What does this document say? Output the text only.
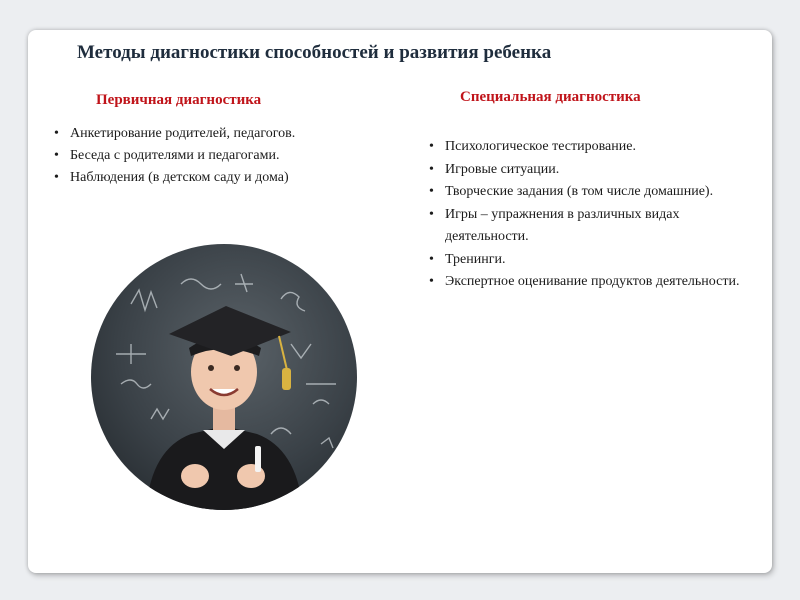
Методы диагностики способностей и развития ребенка
Первичная диагностика
• Анкетирование родителей, педагогов.
• Беседа с родителями и педагогами.
• Наблюдения (в детском саду и дома)
Специальная диагностика
• Психологическое тестирование.
• Игровые ситуации.
• Творческие задания (в том числе домашние).
• Игры – упражнения в различных видах деятельности.
• Тренинги.
• Экспертное оценивание продуктов деятельности.
